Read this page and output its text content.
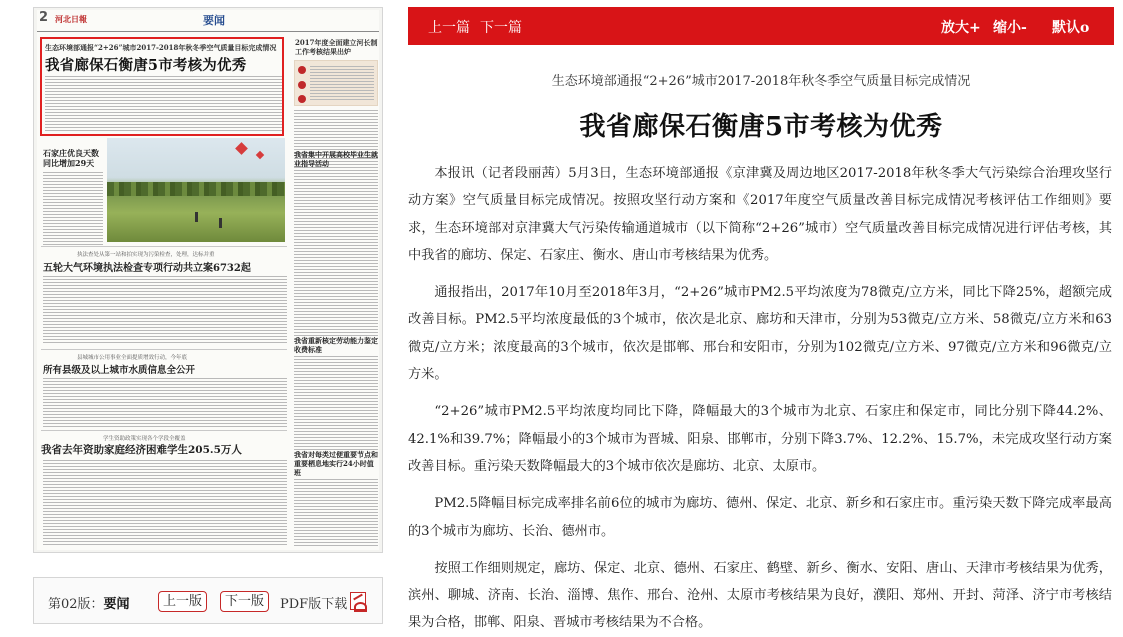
2 河北日報	要闻
生态环境部通报“2+26”城市2017-2018年秋冬季空气质量目标完成情况
我省廊保石衡唐5市考核为优秀
2017年度全面建立河长制工作考核结果出炉
石家庄优良天数同比增加29天
执法查处从第一站和拍实现为污染检查，处理，达标并重
五轮大气环境执法检查专项行动共立案6732起
我省集中开展高校毕业生就业指导活动
我省重新核定劳动能力鉴定收费标准
县城城市公用事业全面提质增效行动，今年底
所有县级及以上城市水质信息全公开
学生资助政策实现各个学段全覆盖
我省去年资助家庭经济困难学生205.5万人	我省对每类过便重要节点和重要栖息地实行24小时值班
第02版：要闻	上一版	下一版	PDF版下载
上一篇 下一篇	放大+ 缩小- 默认o
生态环境部通报“2+26”城市2017-2018年秋冬季空气质量目标完成情况
我省廊保石衡唐5市考核为优秀

本报讯（记者段丽茜）5月3日，生态环境部通报《京津冀及周边地区2017-2018年秋冬季大气污染综合治理攻坚行动方案》空气质量目标完成情况。按照攻坚行动方案和《2017年度空气质量改善目标完成情况考核评估工作细则》要求，生态环境部对京津冀大气污染传输通道城市（以下简称“2+26”城市）空气质量改善目标完成情况进行评估考核，其中我省的廊坊、保定、石家庄、衡水、唐山市考核结果为优秀。

通报指出，2017年10月至2018年3月，“2+26”城市PM2.5平均浓度为78微克/立方米，同比下降25%，超额完成改善目标。PM2.5平均浓度最低的3个城市，依次是北京、廊坊和天津市，分别为53微克/立方米、58微克/立方米和63微克/立方米；浓度最高的3个城市，依次是邯郸、邢台和安阳市，分别为102微克/立方米、97微克/立方米和96微克/立方米。

“2+26”城市PM2.5平均浓度均同比下降，降幅最大的3个城市为北京、石家庄和保定市，同比分别下降44.2%、42.1%和39.7%；降幅最小的3个城市为晋城、阳泉、邯郸市，分别下降3.7%、12.2%、15.7%，未完成攻坚行动方案改善目标。重污染天数降幅最大的3个城市依次是廊坊、北京、太原市。

PM2.5降幅目标完成率排名前6位的城市为廊坊、德州、保定、北京、新乡和石家庄市。重污染天数下降完成率最高的3个城市为廊坊、长治、德州市。

按照工作细则规定，廊坊、保定、北京、德州、石家庄、鹤壁、新乡、衡水、安阳、唐山、天津市考核结果为优秀，滨州、聊城、济南、长治、淄博、焦作、邢台、沧州、太原市考核结果为良好，濮阳、郑州、开封、菏泽、济宁市考核结果为合格，邯郸、阳泉、晋城市考核结果为不合格。
